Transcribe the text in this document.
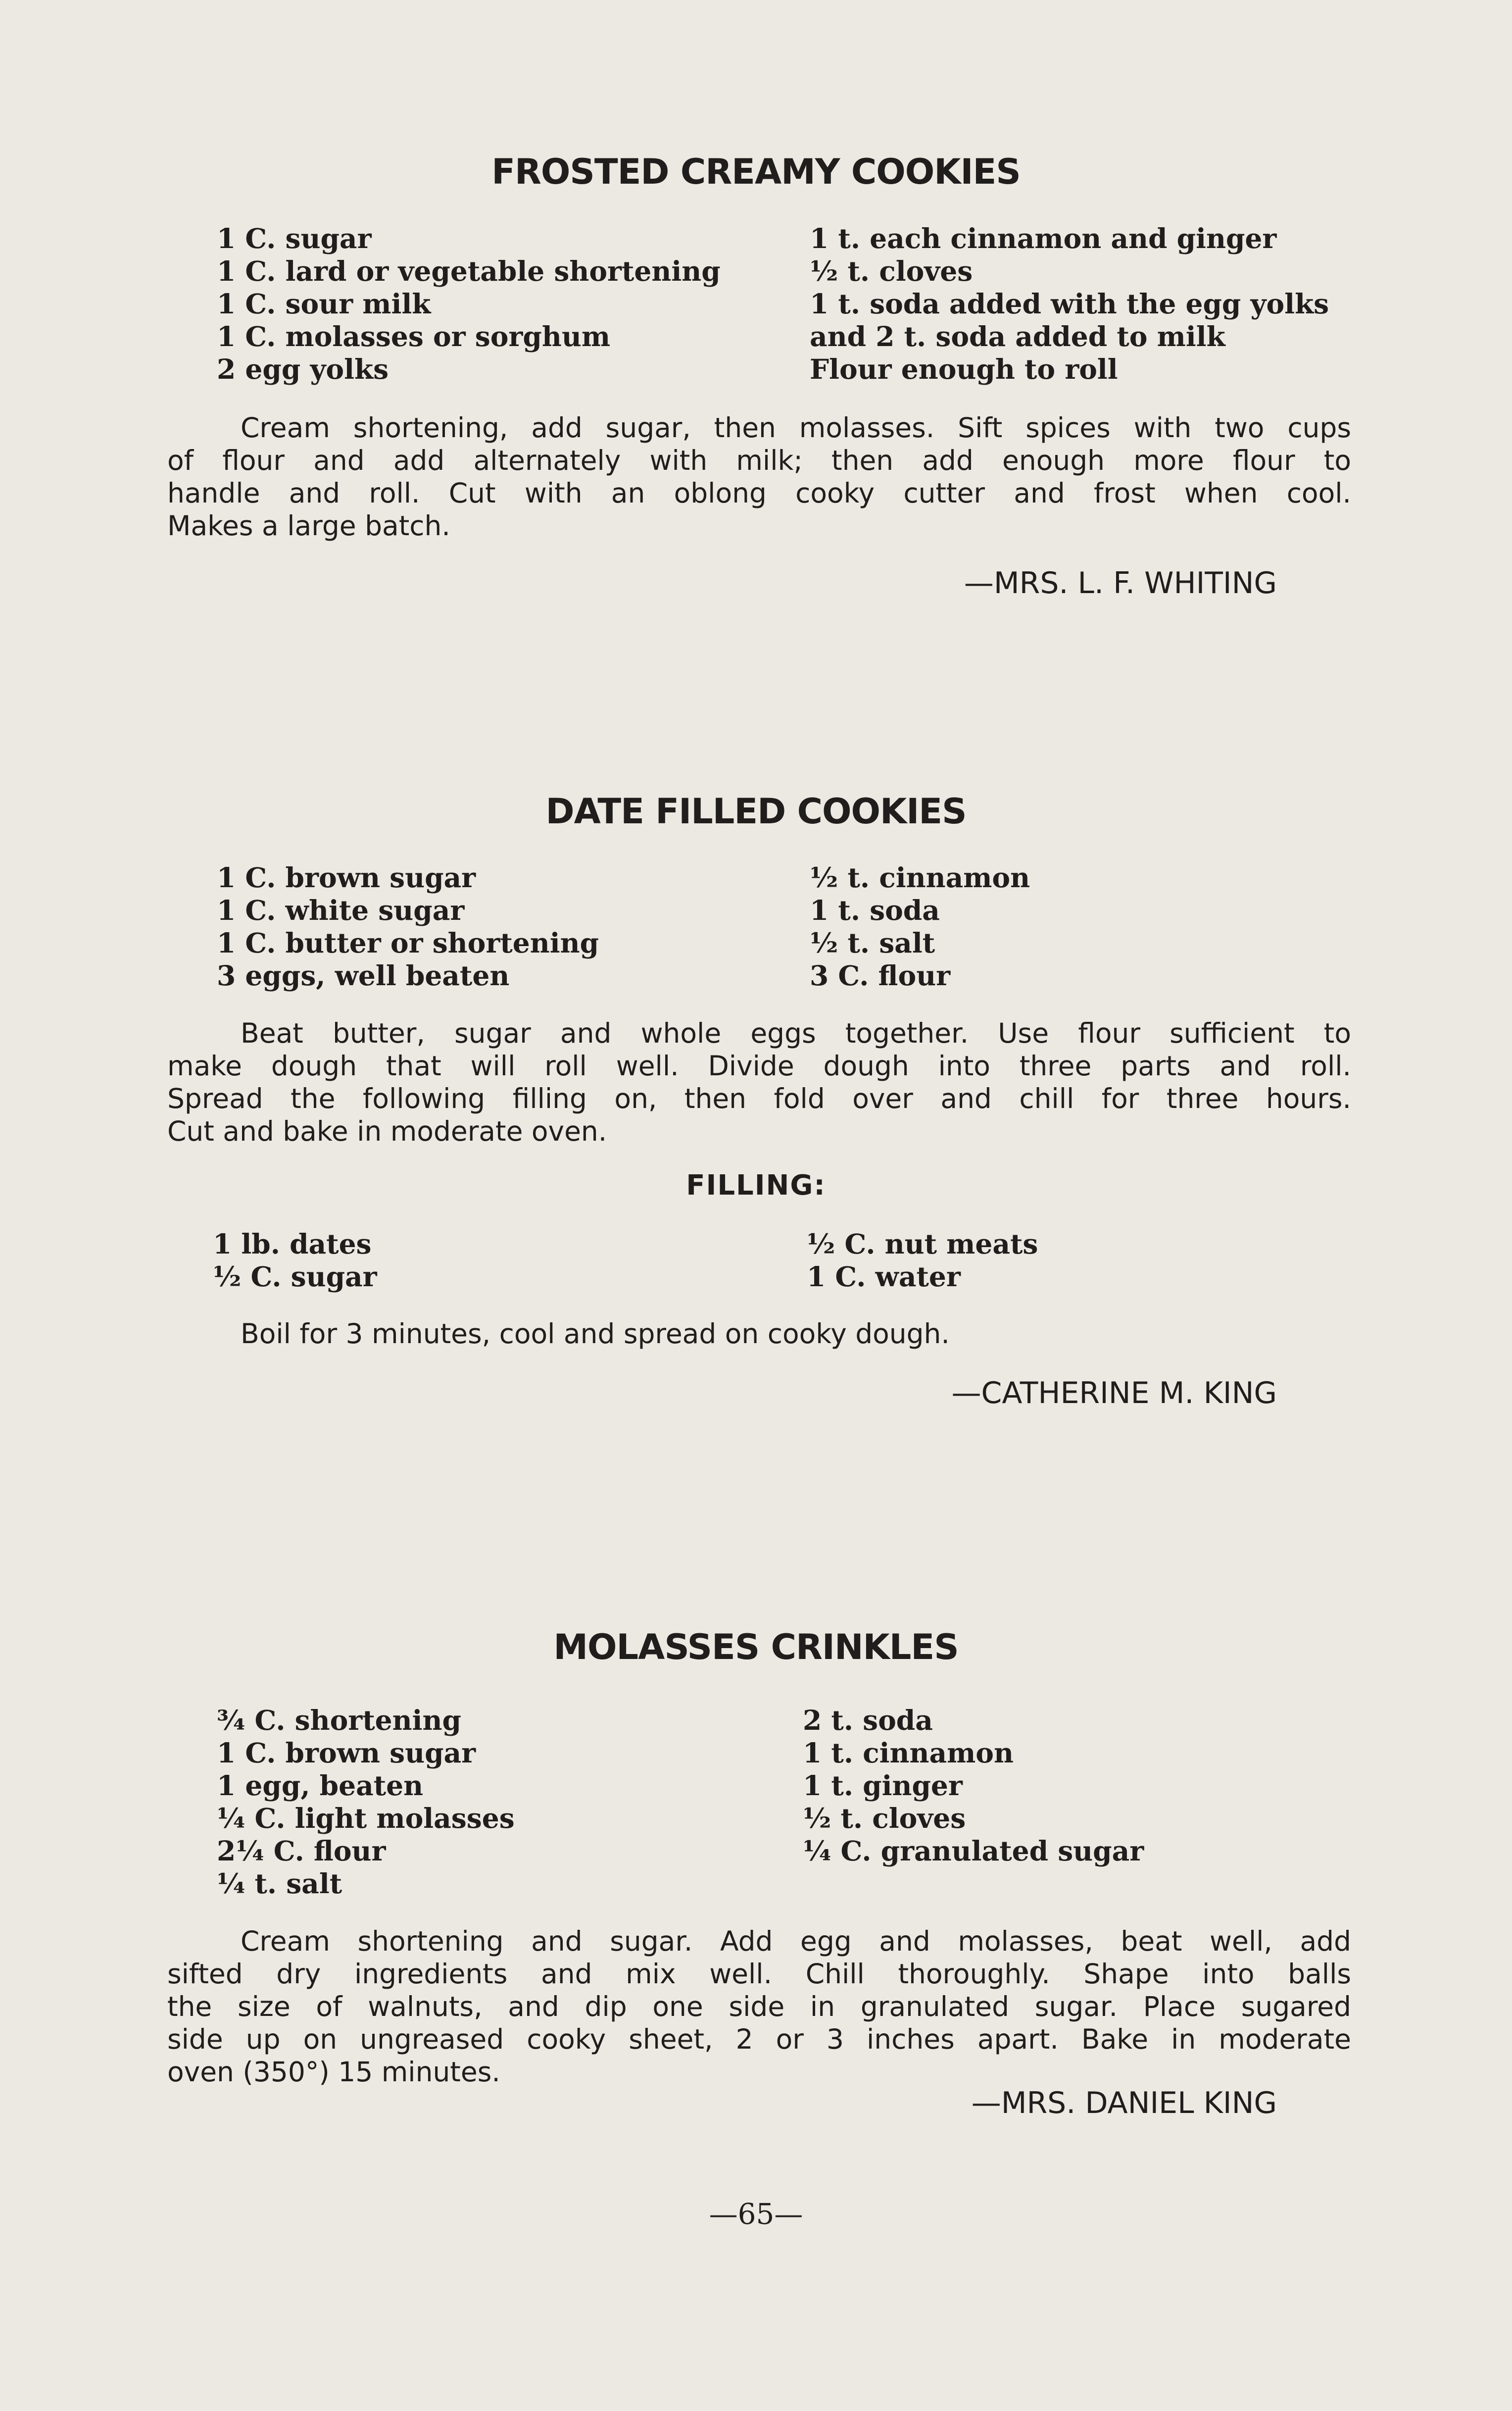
FROSTED CREAMY COOKIES
1 C. sugar
1 C. lard or vegetable shortening
1 C. sour milk
1 C. molasses or sorghum
2 egg yolks
1 t. each cinnamon and ginger
½ t. cloves
1 t. soda added with the egg yolks
and 2 t. soda added to milk
Flour enough to roll
Cream shortening, add sugar, then molasses. Sift spices with two cups
of flour and add alternately with milk; then add enough more flour to
handle and roll. Cut with an oblong cooky cutter and frost when cool.
Makes a large batch.
—MRS. L. F. WHITING
DATE FILLED COOKIES
1 C. brown sugar
1 C. white sugar
1 C. butter or shortening
3 eggs, well beaten
½ t. cinnamon
1 t. soda
½ t. salt
3 C. flour
Beat butter, sugar and whole eggs together. Use flour sufficient to
make dough that will roll well. Divide dough into three parts and roll.
Spread the following filling on, then fold over and chill for three hours.
Cut and bake in moderate oven.
FILLING:
1 lb. dates
½ C. sugar
½ C. nut meats
1 C. water
Boil for 3 minutes, cool and spread on cooky dough.
—CATHERINE M. KING
MOLASSES CRINKLES
¾ C. shortening
1 C. brown sugar
1 egg, beaten
¼ C. light molasses
2¼ C. flour
¼ t. salt
2 t. soda
1 t. cinnamon
1 t. ginger
½ t. cloves
¼ C. granulated sugar
Cream shortening and sugar. Add egg and molasses, beat well, add
sifted dry ingredients and mix well. Chill thoroughly. Shape into balls
the size of walnuts, and dip one side in granulated sugar. Place sugared
side up on ungreased cooky sheet, 2 or 3 inches apart. Bake in moderate
oven (350°) 15 minutes.
—MRS. DANIEL KING
—65—
